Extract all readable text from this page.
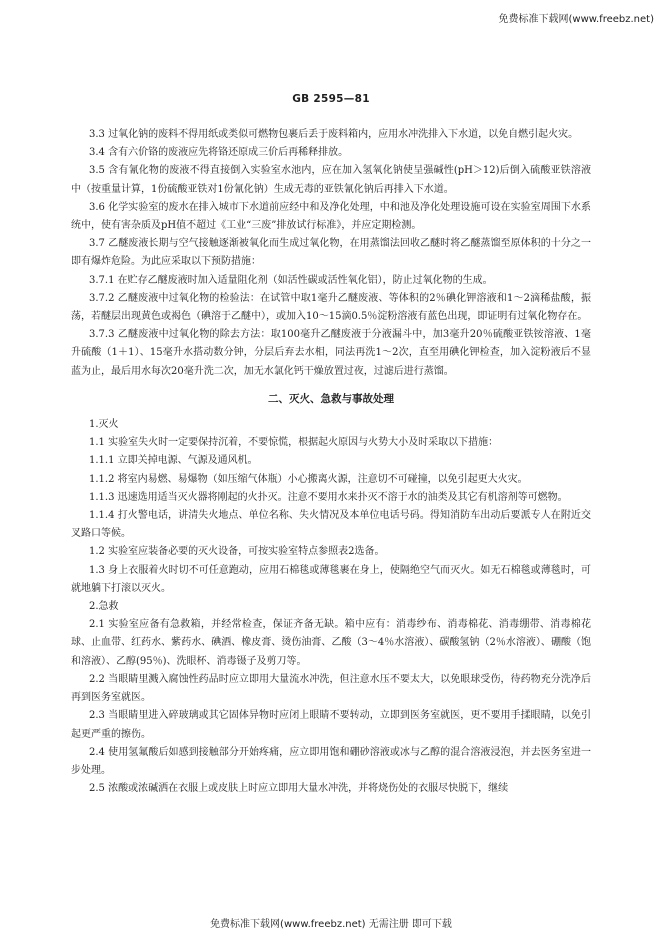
免费标准下载网(www.freebz.net)
GB 2595—81

3.3 过氧化钠的废料不得用纸或类似可燃物包裹后丢于废料箱内，应用水冲洗排入下水道，以免自燃引起火灾。

3.4 含有六价铬的废液应先将铬还原成三价后再稀释排放。

3.5 含有氰化物的废液不得直接倒入实验室水池内，应在加入氢氧化钠使呈强碱性(pH＞12)后倒入硫酸亚铁溶液中（按重量计算，1份硫酸亚铁对1份氰化钠）生成无毒的亚铁氰化钠后再排入下水道。

3.6 化学实验室的废水在排入城市下水道前应经中和及净化处理，中和池及净化处理设施可设在实验室周围下水系统中，使有害杂质及pH值不超过《工业“三废”排放试行标准》，并应定期检测。

3.7 乙醚废液长期与空气接触逐渐被氧化而生成过氧化物，在用蒸馏法回收乙醚时将乙醚蒸馏至原体积的十分之一即有爆炸危险。为此应采取以下预防措施：

3.7.1 在贮存乙醚废液时加入适量阻化剂（如活性碳或活性氧化铝），防止过氧化物的生成。

3.7.2 乙醚废液中过氧化物的检验法：在试管中取1毫升乙醚废液、等体积的2％碘化钾溶液和1～2滴稀盐酸，振荡，若醚层出现黄色或褐色（碘溶于乙醚中），或加入10～15滴0.5％淀粉溶液有蓝色出现，即证明有过氧化物存在。

3.7.3 乙醚废液中过氧化物的除去方法：取100毫升乙醚废液于分液漏斗中，加3毫升20％硫酸亚铁铵溶液、1毫升硫酸（1＋1）、15毫升水搭动数分钟，分层后弃去水相，同法再洗1～2次，直至用碘化钾检查，加入淀粉液后不显蓝为止，最后用水每次20毫升洗二次，加无水氯化钙干燥放置过夜，过滤后进行蒸馏。

二、灭火、急救与事故处理

1.灭火

1.1 实验室失火时一定要保持沉着，不要惊慌，根据起火原因与火势大小及时采取以下措施：

1.1.1 立即关掉电源、气源及通风机。

1.1.2 将室内易燃、易爆物（如压缩气体瓶）小心搬离火源，注意切不可碰撞，以免引起更大火灾。

1.1.3 迅速选用适当灭火器将刚起的火扑灭。注意不要用水来扑灭不溶于水的油类及其它有机溶剂等可燃物。

1.1.4 打火警电话，讲清失火地点、单位名称、失火情况及本单位电话号码。得知消防车出动后要派专人在附近交叉路口等候。

1.2 实验室应装备必要的灭火设备，可按实验室特点参照表2选备。

1.3 身上衣服着火时切不可任意跑动，应用石棉毯或薄毯裹在身上，使隔绝空气而灭火。如无石棉毯或薄毯时，可就地躺下打滚以灭火。

2.急救

2.1 实验室应备有急救箱，并经常检查，保证齐备无缺。箱中应有：消毒纱布、消毒棉花、消毒绷带、消毒棉花球、止血带、红药水、紫药水、碘酒、橡皮膏、烫伤油膏、乙酸（3～4％水溶液）、碳酸氢钠（2％水溶液）、硼酸（饱和溶液）、乙醇(95％)、洗眼杯、消毒镊子及剪刀等。

2.2 当眼睛里溅入腐蚀性药品时应立即用大量流水冲洗，但注意水压不要太大，以免眼球受伤，待药物充分洗净后再到医务室就医。

2.3 当眼睛里进入碎玻璃或其它固体异物时应闭上眼睛不要转动，立即到医务室就医，更不要用手揉眼睛，以免引起更严重的擦伤。

2.4 使用氢氟酸后如感到接触部分开始疼痛，应立即用饱和硼砂溶液或冰与乙醇的混合溶液浸泡，并去医务室进一步处理。

2.5 浓酸或浓碱洒在衣服上或皮肤上时应立即用大量水冲洗，并将烧伤处的衣服尽快脱下，继续

免费标准下载网(www.freebz.net) 无需注册 即可下载
